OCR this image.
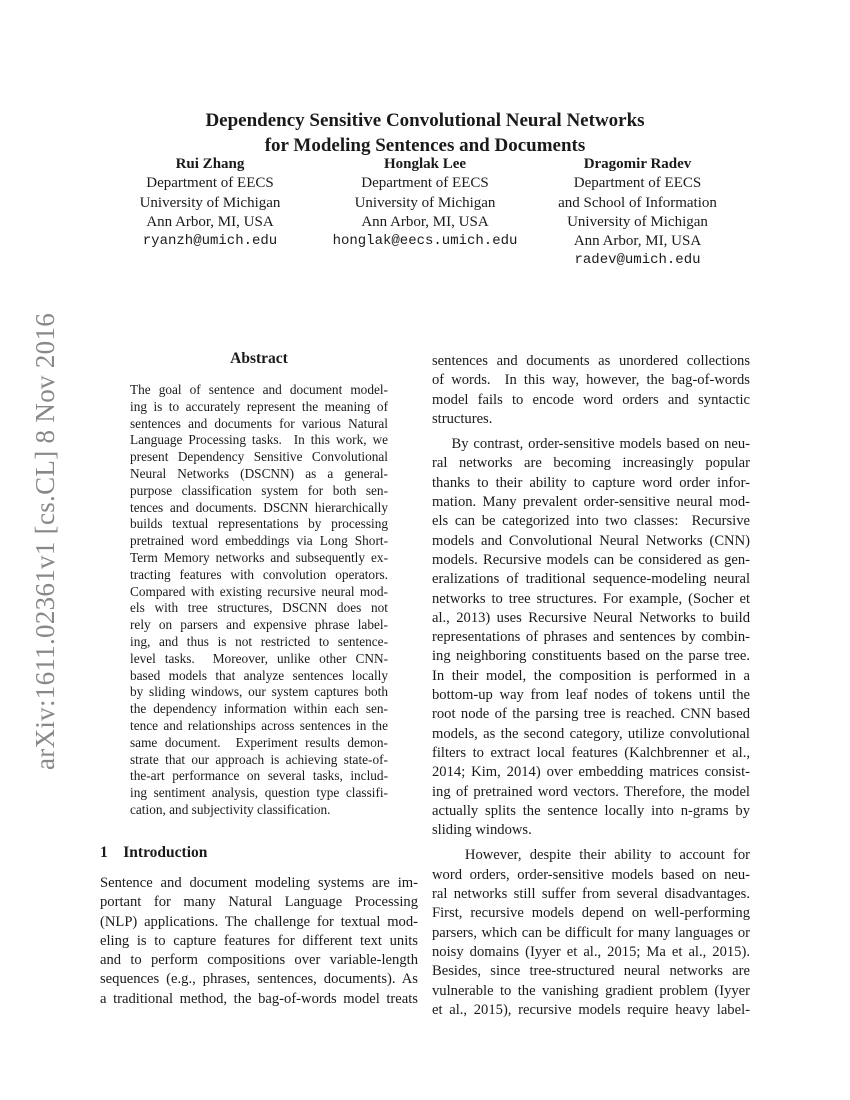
arXiv:1611.02361v1 [cs.CL] 8 Nov 2016
Dependency Sensitive Convolutional Neural Networks
for Modeling Sentences and Documents
Rui Zhang
Department of EECS
University of Michigan
Ann Arbor, MI, USA
ryanzh@umich.edu
Honglak Lee
Department of EECS
University of Michigan
Ann Arbor, MI, USA
honglak@eecs.umich.edu
Dragomir Radev
Department of EECS
and School of Information
University of Michigan
Ann Arbor, MI, USA
radev@umich.edu
Abstract
The goal of sentence and document model-
ing is to accurately represent the meaning of
sentences and documents for various Natural
Language Processing tasks.  In this work, we
present Dependency Sensitive Convolutional
Neural Networks (DSCNN) as a general-
purpose classification system for both sen-
tences and documents. DSCNN hierarchically
builds textual representations by processing
pretrained word embeddings via Long Short-
Term Memory networks and subsequently ex-
tracting features with convolution operators.
Compared with existing recursive neural mod-
els with tree structures, DSCNN does not
rely on parsers and expensive phrase label-
ing, and thus is not restricted to sentence-
level tasks.  Moreover, unlike other CNN-
based models that analyze sentences locally
by sliding windows, our system captures both
the dependency information within each sen-
tence and relationships across sentences in the
same document.  Experiment results demon-
strate that our approach is achieving state-of-
the-art performance on several tasks, includ-
ing sentiment analysis, question type classifi-
cation, and subjectivity classification.
1 Introduction
Sentence and document modeling systems are im-
portant for many Natural Language Processing
(NLP) applications. The challenge for textual mod-
eling is to capture features for different text units
and to perform compositions over variable-length
sequences (e.g., phrases, sentences, documents). As
a traditional method, the bag-of-words model treats
sentences and documents as unordered collections
of words.  In this way, however, the bag-of-words
model fails to encode word orders and syntactic
structures.
By contrast, order-sensitive models based on neu-
ral networks are becoming increasingly popular
thanks to their ability to capture word order infor-
mation. Many prevalent order-sensitive neural mod-
els can be categorized into two classes:  Recursive
models and Convolutional Neural Networks (CNN)
models. Recursive models can be considered as gen-
eralizations of traditional sequence-modeling neural
networks to tree structures. For example, (Socher et
al., 2013) uses Recursive Neural Networks to build
representations of phrases and sentences by combin-
ing neighboring constituents based on the parse tree.
In their model, the composition is performed in a
bottom-up way from leaf nodes of tokens until the
root node of the parsing tree is reached. CNN based
models, as the second category, utilize convolutional
filters to extract local features (Kalchbrenner et al.,
2014; Kim, 2014) over embedding matrices consist-
ing of pretrained word vectors. Therefore, the model
actually splits the sentence locally into n-grams by
sliding windows.
However, despite their ability to account for
word orders, order-sensitive models based on neu-
ral networks still suffer from several disadvantages.
First, recursive models depend on well-performing
parsers, which can be difficult for many languages or
noisy domains (Iyyer et al., 2015; Ma et al., 2015).
Besides, since tree-structured neural networks are
vulnerable to the vanishing gradient problem (Iyyer
et al., 2015), recursive models require heavy label-
